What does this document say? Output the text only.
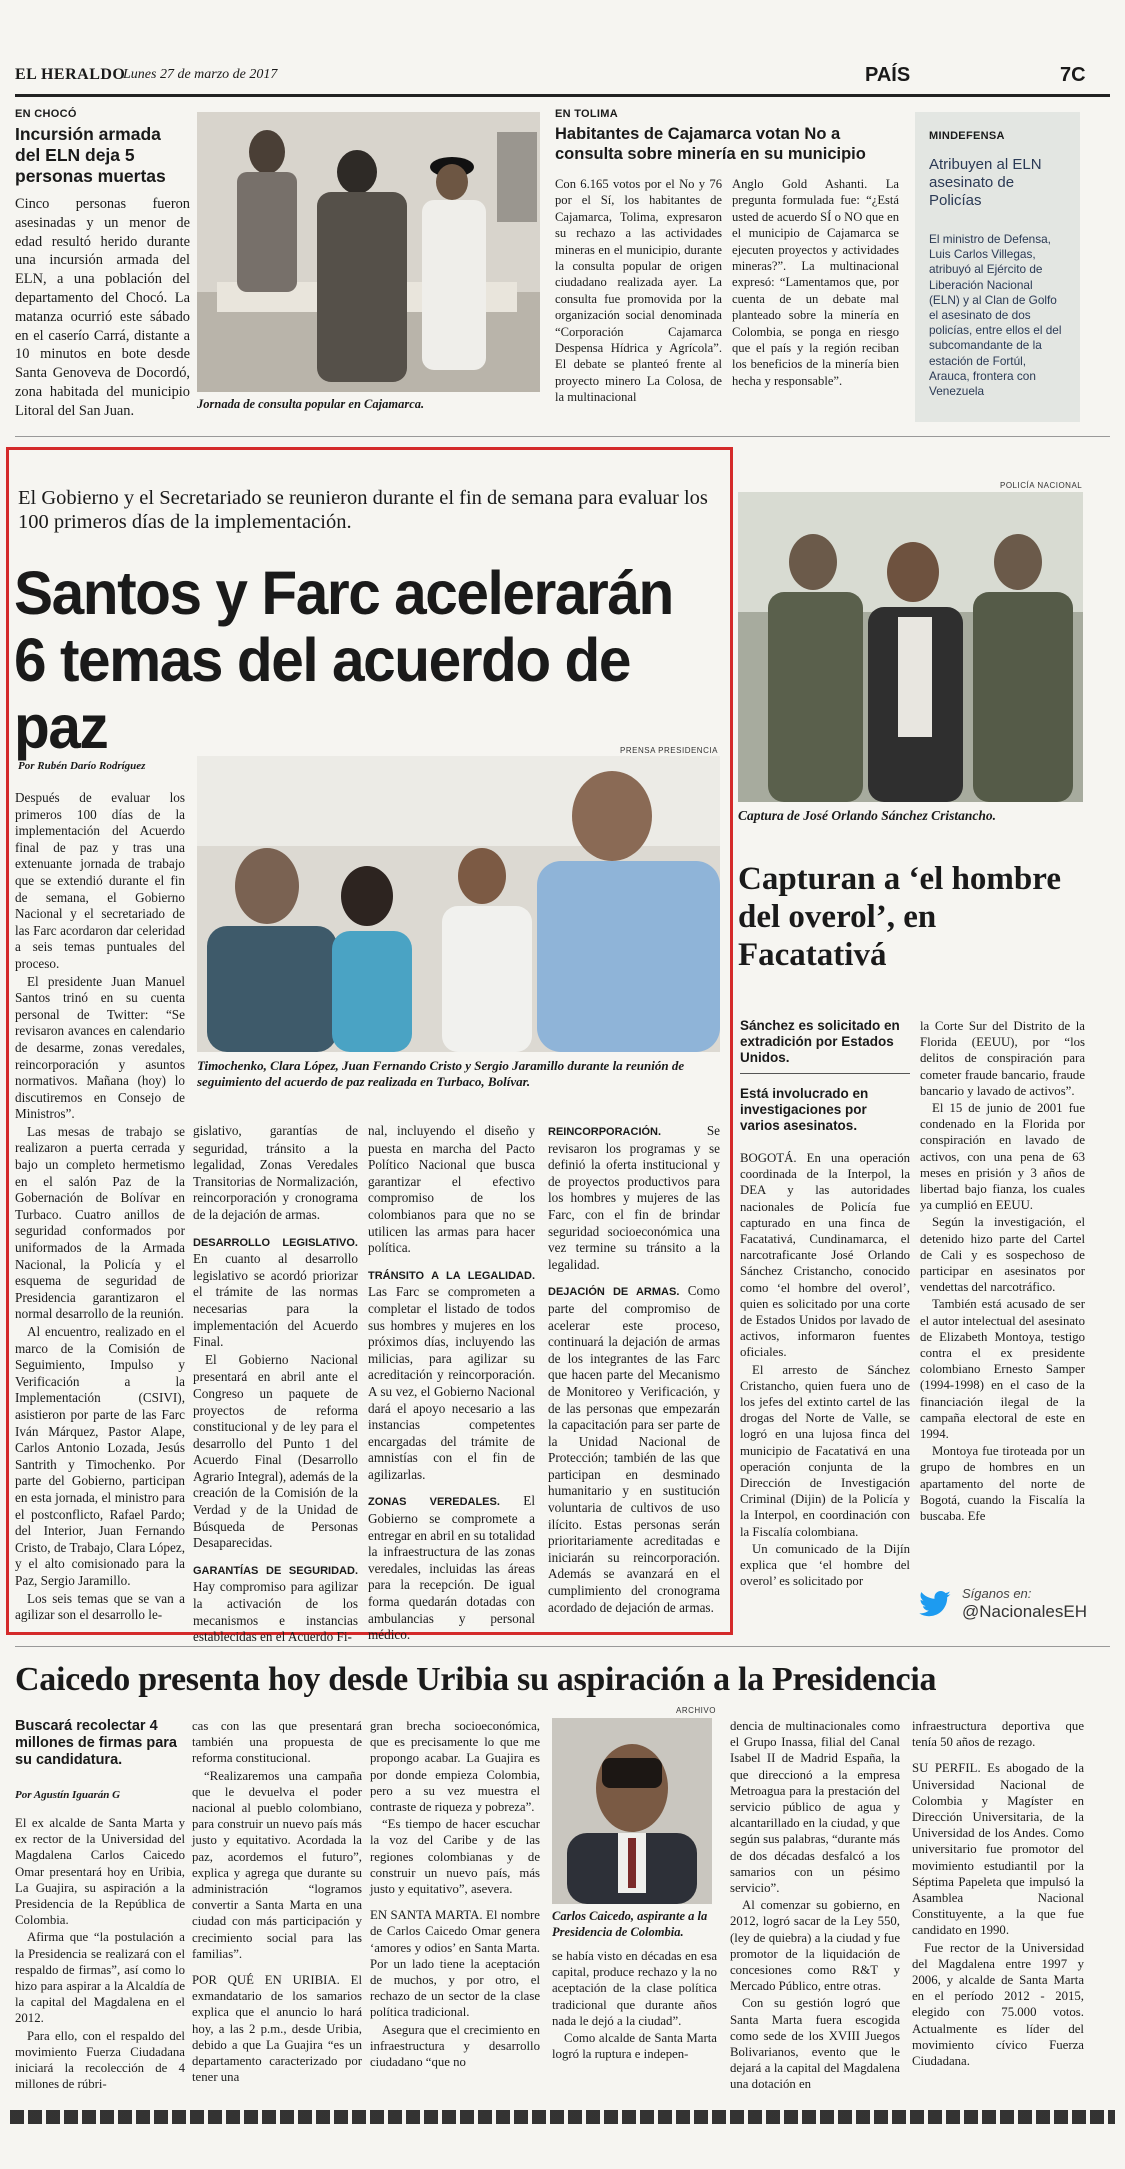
EL HERALDO
Lunes 27 de marzo de 2017	PAÍS	7C
EN CHOCÓ
Incursión armada del ELN deja 5 personas muertas

Cinco personas fueron asesinadas y un menor de edad resultó herido durante una incursión armada del ELN, a una población del departamento del Chocó. La matanza ocurrió este sábado en el caserío Carrá, distante a 10 minutos en bote desde Santa Genoveva de Docordó, zona habitada del municipio Litoral del San Juan.	Jornada de consulta popular en Cajamarca.
EN TOLIMA
Habitantes de Cajamarca votan No a consulta sobre minería en su municipio

Con 6.165 votos por el No y 76 por el Sí, los habitantes de Cajamarca, Tolima, expresaron su rechazo a las actividades mineras en el municipio, durante la consulta popular de origen ciudadano realizada ayer. La consulta fue promovida por la organización social denominada “Corporación Cajamarca Despensa Hídrica y Agrícola”. El debate se planteó frente al proyecto minero La Colosa, de la multinacional

Anglo Gold Ashanti. La pregunta formulada fue: “¿Está usted de acuerdo SÍ o NO que en el municipio de Cajamarca se ejecuten proyectos y actividades mineras?”. La multinacional expresó: “Lamentamos que, por cuenta de un debate mal planteado sobre la minería en Colombia, se ponga en riesgo que el país y la región reciban los beneficios de la minería bien hecha y responsable”.

MINDEFENSA
Atribuyen al ELN asesinato de Policías

El ministro de Defensa, Luis Carlos Villegas, atribuyó al Ejército de Liberación Nacional (ELN) y al Clan de Golfo el asesinato de dos policías, entre ellos el del subcomandante de la estación de Fortúl, Arauca, frontera con Venezuela

El Gobierno y el Secretariado se reunieron durante el fin de semana para evaluar los 100 primeros días de la implementación.
Santos y Farc acelerarán 6 temas del acuerdo de paz
Por Rubén Darío Rodríguez
PRENSA PRESIDENCIA
Timochenko, Clara López, Juan Fernando Cristo y Sergio Jaramillo durante la reunión de seguimiento del acuerdo de paz realizada en Turbaco, Bolívar.

Después de evaluar los primeros 100 días de la implementación del Acuerdo final de paz y tras una extenuante jornada de trabajo que se extendió durante el fin de semana, el Gobierno Nacional y el secretariado de las Farc acordaron dar celeridad a seis temas puntuales del proceso.

El presidente Juan Manuel Santos trinó en su cuenta personal de Twitter: “Se revisaron avances en calendario de desarme, zonas veredales, reincorporación y asuntos normativos. Mañana (hoy) lo discutiremos en Consejo de Ministros”.

Las mesas de trabajo se realizaron a puerta cerrada y bajo un completo hermetismo en el salón Paz de la Gobernación de Bolívar en Turbaco. Cuatro anillos de seguridad conformados por uniformados de la Armada Nacional, la Policía y el esquema de seguridad de Presidencia garantizaron el normal desarrollo de la reunión.

Al encuentro, realizado en el marco de la Comisión de Seguimiento, Impulso y Verificación a la Implementación (CSIVI), asistieron por parte de las Farc Iván Márquez, Pastor Alape, Carlos Antonio Lozada, Jesús Santrith y Timochenko. Por parte del Gobierno, participan en esta jornada, el ministro para el postconflicto, Rafael Pardo; del Interior, Juan Fernando Cristo, de Trabajo, Clara López, y el alto comisionado para la Paz, Sergio Jaramillo.

Los seis temas que se van a agilizar son el desarrollo le-

gislativo, garantías de seguridad, tránsito a la legalidad, Zonas Veredales Transitorias de Normalización, reincorporación y cronograma de la dejación de armas.

DESARROLLO LEGISLATIVO. En cuanto al desarrollo legislativo se acordó priorizar el trámite de las normas necesarias para la implementación del Acuerdo Final.

El Gobierno Nacional presentará en abril ante el Congreso un paquete de proyectos de reforma constitucional y de ley para el desarrollo del Punto 1 del Acuerdo Final (Desarrollo Agrario Integral), además de la creación de la Comisión de la Verdad y de la Unidad de Búsqueda de Personas Desaparecidas.

GARANTÍAS DE SEGURIDAD. Hay compromiso para agilizar la activación de los mecanismos e instancias establecidas en el Acuerdo Fi-

nal, incluyendo el diseño y puesta en marcha del Pacto Político Nacional que busca garantizar el efectivo compromiso de los colombianos para que no se utilicen las armas para hacer política.

TRÁNSITO A LA LEGALIDAD. Las Farc se comprometen a completar el listado de todos sus hombres y mujeres en los próximos días, incluyendo las milicias, para agilizar su acreditación y reincorporación. A su vez, el Gobierno Nacional dará el apoyo necesario a las instancias competentes encargadas del trámite de amnistías con el fin de agilizarlas.

ZONAS VEREDALES. El Gobierno se compromete a entregar en abril en su totalidad la infraestructura de las zonas veredales, incluidas las áreas para la recepción. De igual forma quedarán dotadas con ambulancias y personal médico.

REINCORPORACIÓN.	Se revisaron los programas y se definió la oferta institucional y de proyectos productivos para los hombres y mujeres de las Farc, con el fin de brindar seguridad socioeconómica una vez termine su tránsito a la legalidad.

DEJACIÓN DE ARMAS. Como parte del compromiso de acelerar este proceso, continuará la dejación de armas de los integrantes de las Farc que hacen parte del Mecanismo de Monitoreo y Verificación, y de las personas que empezarán la capacitación para ser parte de la Unidad Nacional de Protección; también de las que participan en desminado humanitario y en sustitución voluntaria de cultivos de uso ilícito. Estas personas serán prioritariamente acreditadas e iniciarán su reincorporación. Además se avanzará en el cumplimiento del cronograma acordado de dejación de armas.

POLICÍA NACIONAL
Captura de José Orlando Sánchez Cristancho.
Capturan a ‘el hombre del overol’, en Facatativá
Sánchez es solicitado en extradición por Estados Unidos.
Está involucrado en investigaciones por varios asesinatos.

BOGOTÁ. En una operación coordinada de la Interpol, la DEA y las autoridades nacionales de Policía fue capturado en una finca de Facatativá, Cundinamarca, el narcotraficante José Orlando Sánchez Cristancho, conocido como ‘el hombre del overol’, quien es solicitado por una corte de Estados Unidos por lavado de activos, informaron fuentes oficiales.

El arresto de Sánchez Cristancho, quien fuera uno de los jefes del extinto cartel de las drogas del Norte de Valle, se logró en una lujosa finca del municipio de Facatativá en una operación conjunta de la Dirección de Investigación Criminal (Dijin) de la Policía y la Interpol, en coordinación con la Fiscalía colombiana.

Un comunicado de la Dijín explica que ‘el hombre del overol’ es solicitado por

la Corte Sur del Distrito de la Florida (EEUU), por “los delitos de conspiración para cometer fraude bancario, fraude bancario y lavado de activos”.

El 15 de junio de 2001 fue condenado en la Florida por conspiración en lavado de activos, con una pena de 63 meses en prisión y 3 años de libertad bajo fianza, los cuales ya cumplió en EEUU.

Según la investigación, el detenido hizo parte del Cartel de Cali y es sospechoso de participar en asesinatos por vendettas del narcotráfico.

También está acusado de ser el autor intelectual del asesinato de Elizabeth Montoya, testigo contra el ex presidente colombiano Ernesto Samper (1994-1998) en el caso de la financiación ilegal de la campaña electoral de este en 1994.

Montoya fue tiroteada por un grupo de hombres en un apartamento del norte de Bogotá, cuando la Fiscalía la buscaba. Efe

Síganos en:
@NacionalesEH
Caicedo presenta hoy desde Uribia su aspiración a la Presidencia
Buscará recolectar 4 millones de firmas para su candidatura.
Por Agustín Iguarán G

El ex alcalde de Santa Marta y ex rector de la Universidad del Magdalena Carlos Caicedo Omar presentará hoy en Uribia, La Guajira, su aspiración a la Presidencia de la República de Colombia.

Afirma que “la postulación a la Presidencia se realizará con el respaldo de firmas”, así como lo hizo para aspirar a la Alcaldía de la capital del Magdalena en el 2012.

Para ello, con el respaldo del movimiento Fuerza Ciudadana iniciará la recolección de 4 millones de rúbri-

cas con las que presentará también una propuesta de reforma constitucional.

“Realizaremos una campaña que le devuelva el poder nacional al pueblo colombiano, para construir un nuevo país más justo y equitativo. Acordada la paz, acordemos el futuro”, explica y agrega que durante su administración “logramos convertir a Santa Marta en una ciudad con más participación y crecimiento social para las familias”.

POR QUÉ EN URIBIA. El exmandatario de los samarios explica que el anuncio lo hará hoy, a las 2 p.m., desde Uribia, debido a que La Guajira “es un departamento caracterizado por tener una

gran brecha socioeconómica, que es precisamente lo que me propongo acabar. La Guajira es por donde empieza Colombia, pero a su vez muestra el contraste de riqueza y pobreza”.

“Es tiempo de hacer escuchar la voz del Caribe y de las regiones colombianas y de construir un nuevo país, más justo y equitativo”, asevera.

EN SANTA MARTA. El nombre de Carlos Caicedo Omar genera ‘amores y odios’ en Santa Marta. Por un lado tiene la aceptación de muchos, y por otro, el rechazo de un sector de la clase política tradicional.

Asegura que el crecimiento en infraestructura y desarrollo ciudadano “que no

ARCHIVO
Carlos Caicedo, aspirante a la Presidencia de Colombia.

se había visto en décadas en esa capital, produce rechazo y la no aceptación de la clase política tradicional que durante años nada le dejó a la ciudad”.

Como alcalde de Santa Marta logró la ruptura e indepen-

dencia de multinacionales como el Grupo Inassa, filial del Canal Isabel II de Madrid España, la que direccionó a la empresa Metroagua para la prestación del servicio público de agua y alcantarillado en la ciudad, y que según sus palabras, “durante más de dos décadas desfalcó a los samarios con un pésimo servicio”.

Al comenzar su gobierno, en 2012, logró sacar de la Ley 550, (ley de quiebra) a la ciudad y fue promotor de la liquidación de concesiones como R&T y Mercado Público, entre otras.

Con su gestión logró que Santa Marta fuera escogida como sede de los XVIII Juegos Bolivarianos, evento que le dejará a la capital del Magdalena una dotación en

infraestructura deportiva que tenía 50 años de rezago.

SU PERFIL. Es abogado de la Universidad Nacional de Colombia y Magíster en Dirección Universitaria, de la Universidad de los Andes. Como universitario fue promotor del movimiento estudiantil por la Séptima Papeleta que impulsó la Asamblea Nacional Constituyente, a la que fue candidato en 1990.

Fue rector de la Universidad del Magdalena entre 1997 y 2006, y alcalde de Santa Marta en el período 2012 - 2015, elegido con 75.000 votos. Actualmente es líder del movimiento cívico Fuerza Ciudadana.
